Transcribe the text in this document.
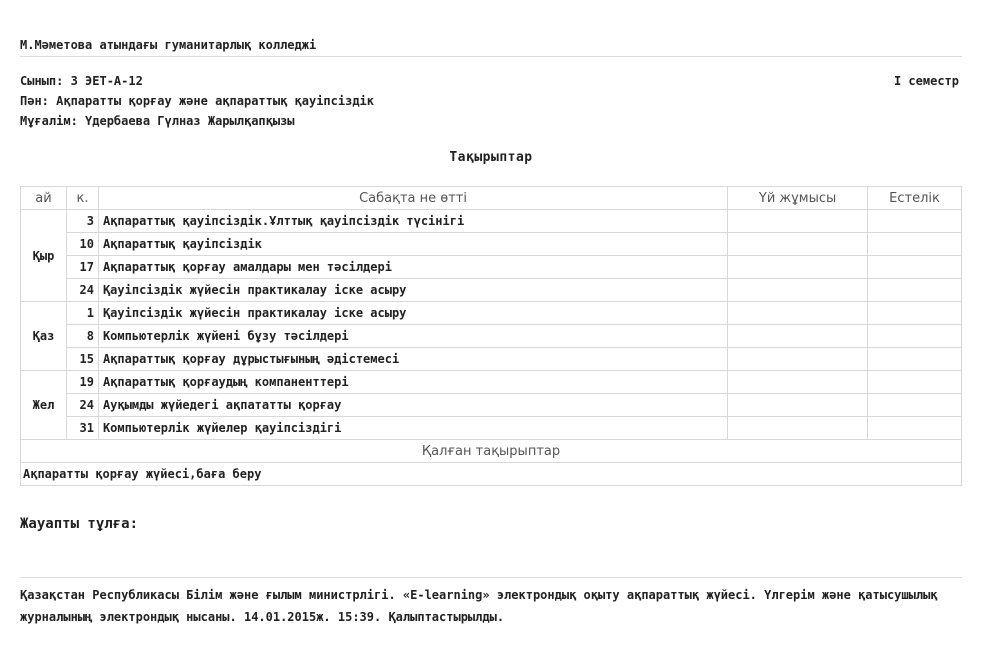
М.Мәметова атындағы гуманитарлық колледжі
Сынып: 3 ЭЕТ-А-12	I семестр
Пән: Ақпаратты қорғау және ақпараттық қауіпсіздік
Мұғалім: Үдербаева Гүлназ Жарылқапқызы
Тақырыптар
ай	к.	Сабақта не өтті	Үй жұмысы	Естелік
Қыр	3	Ақпараттық қауіпсіздік.Ұлттық қауіпсіздік түсінігі		
	10	Ақпараттық қауіпсіздік		
	17	Ақпараттық қорғау амалдары мен тәсілдері		
	24	Қауіпсіздік жүйесін практикалау іске асыру		
Қаз	1	Қауіпсіздік жүйесін практикалау іске асыру		
	8	Компьютерлік жүйені бұзу тәсілдері		
	15	Ақпараттық қорғау дұрыстығының әдістемесі		
Жел	19	Ақпараттық қорғаудың компаненттері		
	24	Ауқымды жүйедегі ақпататты қорғау		
	31	Компьютерлік жүйелер қауіпсіздігі		
Қалған тақырыптар				
Ақпаратты қорғау жүйесі,баға беру				
Жауапты тұлға:
Қазақстан Республикасы Білім және ғылым министрлігі. «E-learning» электрондық оқыту ақпараттық жүйесі. Үлгерім және қатысушылық журналының электрондық нысаны. 14.01.2015ж. 15:39. Қалыптастырылды.
